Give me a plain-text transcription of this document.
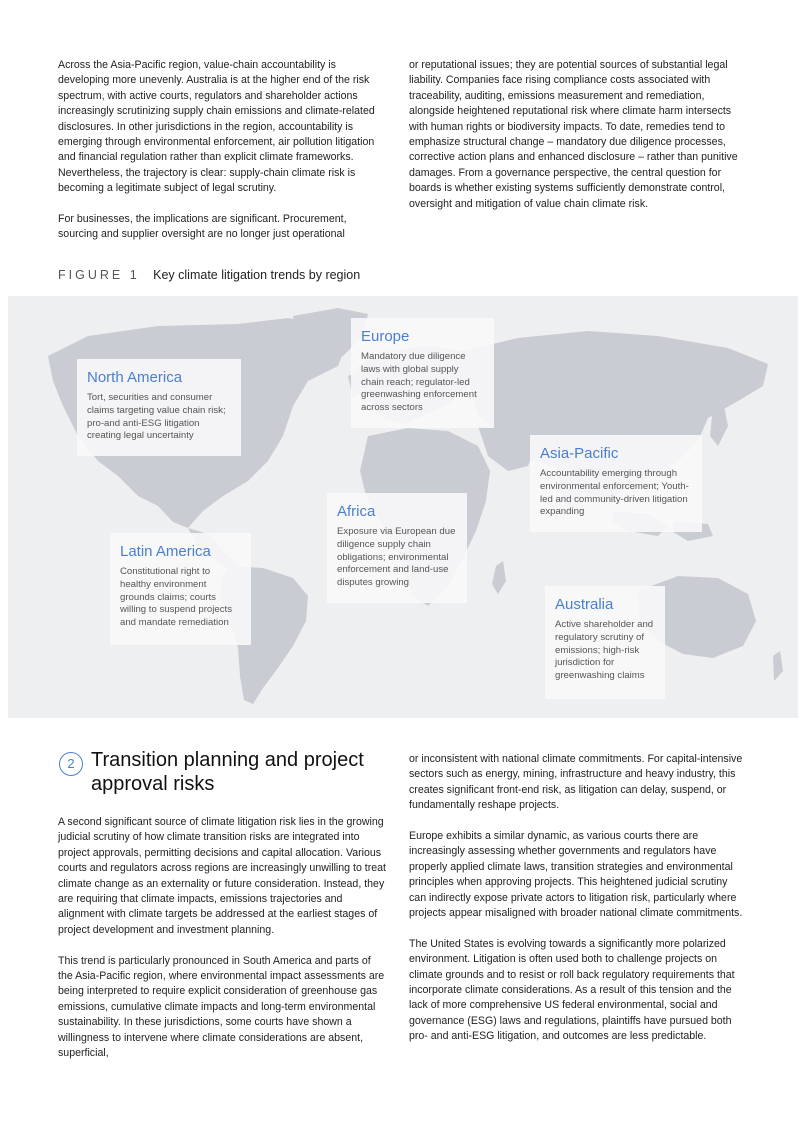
Across the Asia-Pacific region, value-chain accountability is developing more unevenly. Australia is at the higher end of the risk spectrum, with active courts, regulators and shareholder actions increasingly scrutinizing supply chain emissions and climate-related disclosures. In other jurisdictions in the region, accountability is emerging through environmental enforcement, air pollution litigation and financial regulation rather than explicit climate frameworks. Nevertheless, the trajectory is clear: supply-chain climate risk is becoming a legitimate subject of legal scrutiny.

For businesses, the implications are significant. Procurement, sourcing and supplier oversight are no longer just operational

or reputational issues; they are potential sources of substantial legal liability. Companies face rising compliance costs associated with traceability, auditing, emissions measurement and remediation, alongside heightened reputational risk where climate harm intersects with human rights or biodiversity impacts. To date, remedies tend to emphasize structural change – mandatory due diligence processes, corrective action plans and enhanced disclosure – rather than punitive damages. From a governance perspective, the central question for boards is whether existing systems sufficiently demonstrate control, oversight and mitigation of value chain climate risk.

FIGURE 1 Key climate litigation trends by region
Europe
Mandatory due diligence laws with global supply chain reach; regulator-led greenwashing enforcement across sectors
North America
Tort, securities and consumer claims targeting value chain risk; pro-and anti-ESG litigation creating legal uncertainty
Asia-Pacific
Accountability emerging through environmental enforcement; Youth-led and community-driven litigation expanding
Africa
Exposure via European due diligence supply chain obligations; environmental enforcement and land-use disputes growing
Latin America
Constitutional right to healthy environment grounds claims; courts willing to suspend projects and mandate remediation
Australia
Active shareholder and regulatory scrutiny of emissions; high-risk jurisdiction for greenwashing claims
2 Transition planning and project approval risks

A second significant source of climate litigation risk lies in the growing judicial scrutiny of how climate transition risks are integrated into project approvals, permitting decisions and capital allocation. Various courts and regulators across regions are increasingly unwilling to treat climate change as an externality or future consideration. Instead, they are requiring that climate impacts, emissions trajectories and alignment with climate targets be addressed at the earliest stages of project development and investment planning.

This trend is particularly pronounced in South America and parts of the Asia-Pacific region, where environmental impact assessments are being interpreted to require explicit consideration of greenhouse gas emissions, cumulative climate impacts and long-term environmental sustainability. In these jurisdictions, some courts have shown a willingness to intervene where climate considerations are absent, superficial,

or inconsistent with national climate commitments. For capital-intensive sectors such as energy, mining, infrastructure and heavy industry, this creates significant front-end risk, as litigation can delay, suspend, or fundamentally reshape projects.

Europe exhibits a similar dynamic, as various courts there are increasingly assessing whether governments and regulators have properly applied climate laws, transition strategies and environmental principles when approving projects. This heightened judicial scrutiny can indirectly expose private actors to litigation risk, particularly where projects appear misaligned with broader national climate commitments.

The United States is evolving towards a significantly more polarized environment. Litigation is often used both to challenge projects on climate grounds and to resist or roll back regulatory requirements that incorporate climate considerations. As a result of this tension and the lack of more comprehensive US federal environmental, social and governance (ESG) laws and regulations, plaintiffs have pursued both pro- and anti-ESG litigation, and outcomes are less predictable.
